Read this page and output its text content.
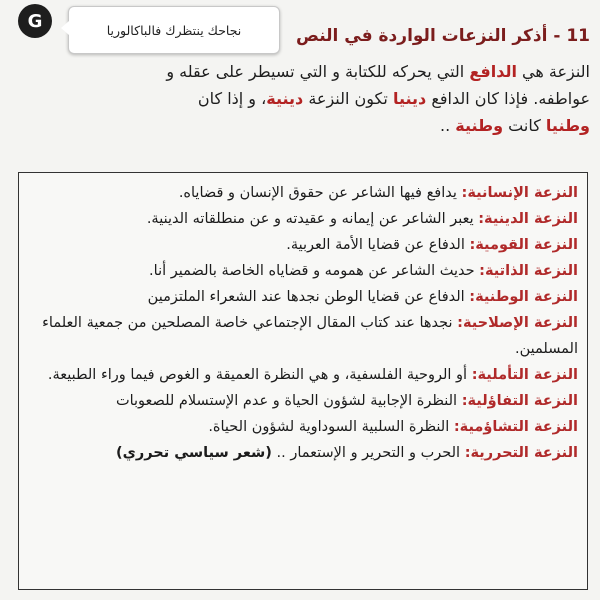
G	نجاحك ينتظرك فالباكالوريا	11 - أذكر النزعات الواردة في النص

النزعة هي الدافع التي يحركه للكتابة و التي تسيطر على عقله و

عواطفه. فإذا كان الدافع دينيا تكون النزعة دينية، و إذا كان

وطنيا كانت وطنية ..

النزعة الإنسانية: يدافع فيها الشاعر عن حقوق الإنسان و قضاياه.
النزعة الدينية: يعبر الشاعر عن إيمانه و عقيدته و عن منطلقاته الدينية.
النزعة القومية: الدفاع عن قضايا الأمة العربية.
النزعة الذاتية: حديث الشاعر عن همومه و قضاياه الخاصة بالضمير أنا.
النزعة الوطنية: الدفاع عن قضايا الوطن نجدها عند الشعراء الملتزمين
النزعة الإصلاحية: نجدها عند كتاب المقال الإجتماعي خاصة المصلحين من جمعية العلماء المسلمين.
النزعة التأملية: أو الروحية الفلسفية، و هي النظرة العميقة و الغوص فيما وراء الطبيعة.
النزعة التفاؤلية: النظرة الإجابية لشؤون الحياة و عدم الإستسلام للصعوبات
النزعة التشاؤمية: النظرة السلبية السوداوية لشؤون الحياة.
النزعة التحررية: الحرب و التحرير و الإستعمار .. (شعر سياسي تحرري)
